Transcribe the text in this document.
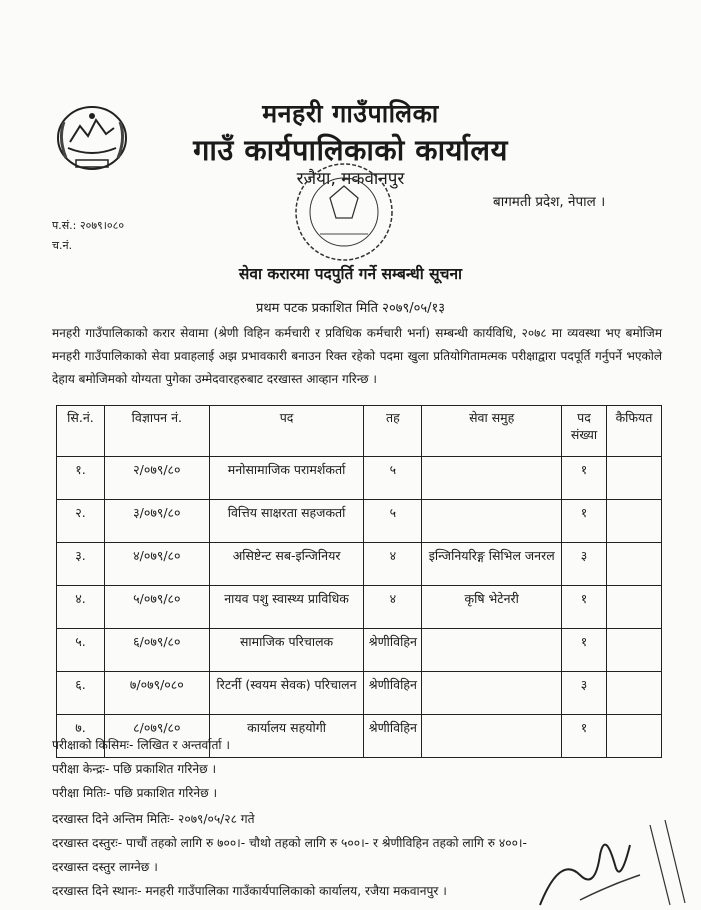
मनहरी गाउँपालिका
गाउँ कार्यपालिकाको कार्यालय
रजैया, मकवानपुर
बागमती प्रदेश, नेपाल ।
प.सं.: २०७९।०८०
च.नं.
सेवा करारमा पदपुर्ति गर्ने सम्बन्धी सूचना
प्रथम पटक प्रकाशित मिति २०७९/०५/१३
मनहरी गाउँपालिकाको करार सेवामा (श्रेणी विहिन कर्मचारी र प्रविधिक कर्मचारी भर्ना) सम्बन्धी कार्यविधि, २०७८ मा व्यवस्था भए बमोजिम मनहरी गाउँपालिकाको सेवा प्रवाहलाई अझ प्रभावकारी बनाउन रिक्त रहेको पदमा खुला प्रतियोगितामत्मक परीक्षाद्वारा पदपूर्ति गर्नुपर्ने भएकोले देहाय बमोजिमको योग्यता पुगेका उम्मेदवारहरुबाट दरखास्त आव्हान गरिन्छ ।
सि.नं.	विज्ञापन नं.	पद	तह	सेवा समुह	पद संख्या	कैफियत
१.	२/०७९/८०	मनोसामाजिक परामर्शकर्ता	५		१	
२.	३/०७९/८०	वित्तिय साक्षरता सहजकर्ता	५		१	
३.	४/०७९/८०	असिष्टेन्ट सब-इन्जिनियर	४	इन्जिनियरिङ्ग सिभिल जनरल	३	
४.	५/०७९/८०	नायव पशु स्वास्थ्य प्राविधिक	४	कृषि भेटेनरी	१	
५.	६/०७९/८०	सामाजिक परिचालक	श्रेणीविहिन		१	
६.	७/०७९/०८०	रिटर्नी (स्वयम सेवक) परिचालन	श्रेणीविहिन		३	
७.	८/०७९/८०	कार्यालय सहयोगी	श्रेणीविहिन		१	
परीक्षाको किसिमः- लिखित र अन्तर्वार्ता ।
परीक्षा केन्द्रः- पछि प्रकाशित गरिनेछ ।
परीक्षा मितिः- पछि प्रकाशित गरिनेछ ।
दरखास्त दिने अन्तिम मितिः- २०७९/०५/२८ गते
दरखास्त दस्तुरः- पाचौं तहको लागि रु ७००।- चौथो तहको लागि रु ५००।- र श्रेणीविहिन तहको लागि रु ४००।-
दरखास्त दस्तुर लाग्नेछ ।
दरखास्त दिने स्थानः- मनहरी गाउँपालिका गाउँकार्यपालिकाको कार्यालय, रजैया मकवानपुर ।
